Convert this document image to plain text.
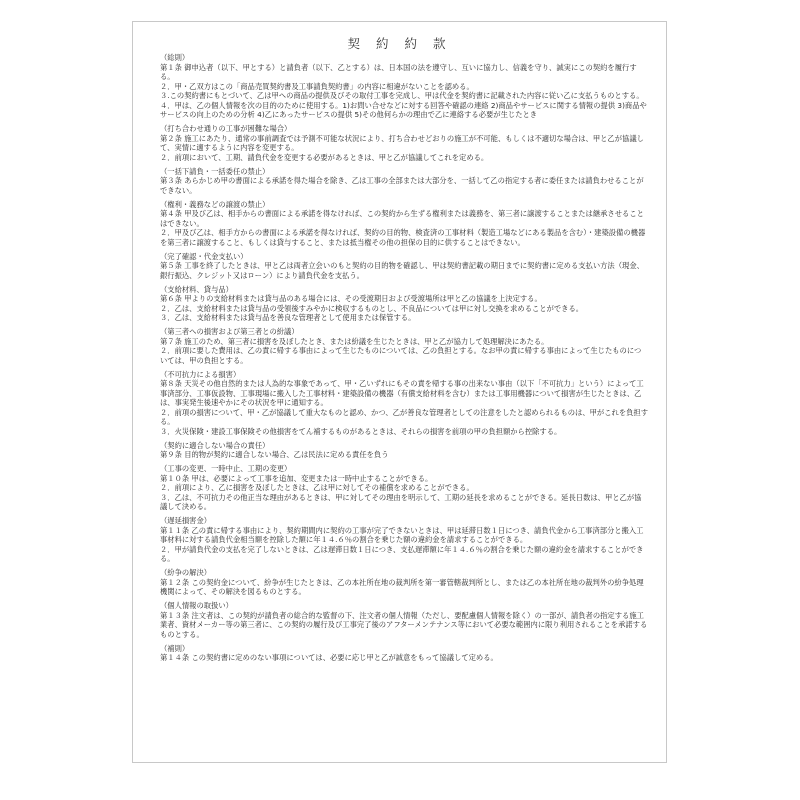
契 約 約 款

（総則）

第１条 御申込者（以下、甲とする）と請負者（以下、乙とする）は、日本国の法を遵守し、互いに協力し、信義を守り、誠実にこの契約を履行する。

２．甲・乙双方はこの「商品売買契約書及工事請負契約書」の内容に相違がないことを認める。

３.この契約書にもとづいて、乙は甲への商品の提供及びその取付工事を完成し、甲は代金を契約書に記載された内容に従い乙に支払うものとする。

４．甲は、乙の個人情報を次の目的のために使用する。1)お問い合せなどに対する回答や確認の連絡 2)商品やサービスに関する情報の提供 3)商品やサービスの向上のための分析 4)乙にあったサービスの提供 5)その他何らかの理由で乙に連絡する必要が生じたとき

（打ち合わせ通りの工事が困難な場合）

第２条 施工にあたり、通常の事前調査では予測不可能な状況により、打ち合わせどおりの施工が不可能、もしくは不適切な場合は、甲と乙が協議して、実情に適するように内容を変更する。

２．前項において、工期、請負代金を変更する必要があるときは、甲と乙が協議してこれを定める。

（一括下請負・一括委任の禁止）

第３条 あらかじめ甲の書面による承諾を得た場合を除き、乙は工事の全部または大部分を、一括して乙の指定する者に委任または請負わせることができない。

（権利・義務などの譲渡の禁止）

第４条 甲及び乙は、相手からの書面による承諾を得なければ、この契約から生ずる権利または義務を、第三者に譲渡することまたは継承させることはできない。

２．甲及び乙は、相手方からの書面による承諾を得なければ、契約の目的物、検査済の工事材料（製造工場などにある製品を含む）・建築設備の機器を第三者に譲渡すること、もしくは貸与すること、または抵当権その他の担保の目的に供することはできない。

（完了確認・代金支払い）

第５条 工事を終了したときは、甲と乙は両者立会いのもと契約の目的物を確認し、甲は契約書記載の期日までに契約書に定める支払い方法（現金、銀行振込、クレジット又はローン）により請負代金を支払う。

（支給材料、貸与品）

第６条 甲よりの支給材料または貸与品のある場合には、その受渡期日および受渡場所は甲と乙の協議を上決定する。

２．乙は、支給材料または貸与品の受領後すみやかに検収するものとし、不良品については甲に対し交換を求めることができる。

３．乙は、支給材料または貸与品を善良な管理者として使用または保管する。

（第三者への損害および第三者との紛議）

第７条 施工のため、第三者に損害を及ぼしたとき、または紛議を生じたときは、甲と乙が協力して処理解決にあたる。

２．前項に要した費用は、乙の責に帰する事由によって生じたものについては、乙の負担とする。なお甲の責に帰する事由によって生じたものについては、甲の負担とする。

（不可抗力による損害）

第８条 天災その他自然的または人為的な事象であって、甲・乙いずれにもその責を帰する事の出来ない事由（以下「不可抗力」という）によって工事済部分、工事仮設物、工事現場に搬入した工事材料・建築設備の機器（有償支給材料を含む）または工事用機器について損害が生じたときは、乙は、事実発生後速やかにその状況を甲に通知する。

２．前項の損害について、甲・乙が協議して重大なものと認め、かつ、乙が善良な管理者としての注意をしたと認められるものは、甲がこれを負担する。

３．火災保険・建設工事保険その他損害をてん補するものがあるときは、それらの損害を前項の甲の負担額から控除する。

（契約に適合しない場合の責任）

第９条 目的物が契約に適合しない場合、乙は民法に定める責任を負う

（工事の変更、一時中止、工期の変更）

第１０条 甲は、必要によって工事を追加、変更または一時中止することができる。

２．前項により、乙に損害を及ぼしたときは、乙は甲に対してその補償を求めることができる。

３．乙は、不可抗力その他正当な理由があるときは、甲に対してその理由を明示して、工期の延長を求めることができる。延長日数は、甲と乙が協議して決める。

（遅延損害金）

第１１条 乙の責に帰する事由により、契約期間内に契約の工事が完了できないときは、甲は延滞日数１日につき、請負代金から工事済部分と搬入工事材料に対する請負代金相当額を控除した額に年１４.６％の割合を乗じた額の違約金を請求することができる。

２．甲が請負代金の支払を完了しないときは、乙は遅滞日数１日につき、支払遅滞額に年１４.６％の割合を乗じた額の違約金を請求することができる。

（紛争の解決）

第１２条 この契約金について、紛争が生じたときは、乙の本社所在地の裁判所を第一審管轄裁判所とし、または乙の本社所在地の裁判外の紛争処理機関によって、その解決を図るものとする。

（個人情報の取扱い）

第１３条 注文者は、この契約が請負者の総合的な監督の下、注文者の個人情報（ただし、要配慮個人情報を除く）の一部が、請負者の指定する施工業者、資材メーカー等の第三者に、この契約の履行及び工事完了後のアフターメンテナンス等において必要な範囲内に限り利用されることを承諾するものとする。

（補則）

第１４条 この契約書に定めのない事項については、必要に応じ甲と乙が誠意をもって協議して定める。
